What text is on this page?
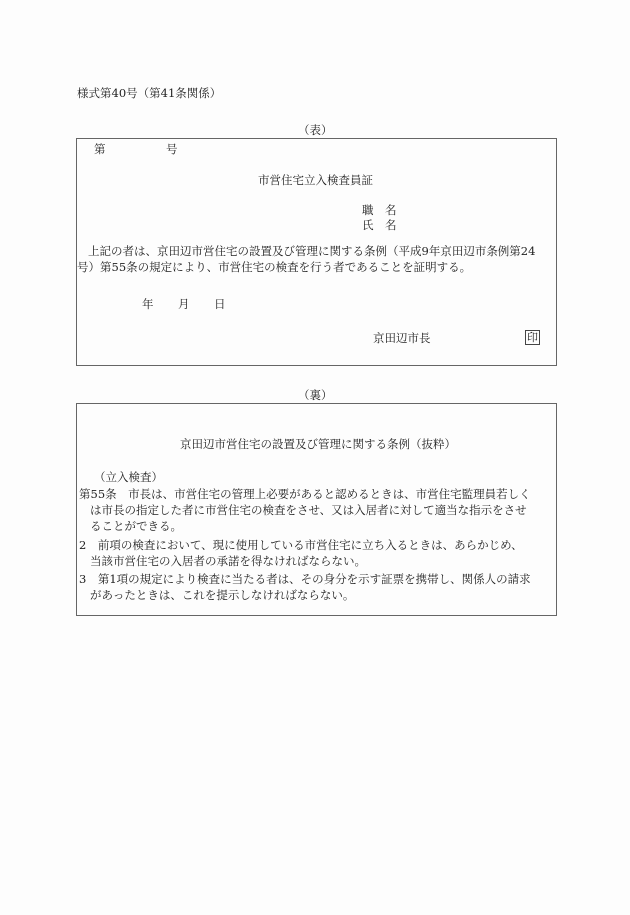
様式第40号（第41条関係）
（表）
第	号
市営住宅立入検査員証
職　名
氏　名
上記の者は、京田辺市営住宅の設置及び管理に関する条例（平成9年京田辺市条例第24
号）第55条の規定により、市営住宅の検査を行う者であることを証明する。
年 月 日
京田辺市長	印
（裏）
京田辺市営住宅の設置及び管理に関する条例（抜粋）
（立入検査）
第55条　市長は、市営住宅の管理上必要があると認めるときは、市営住宅監理員若しく
は市長の指定した者に市営住宅の検査をさせ、又は入居者に対して適当な指示をさせ
ることができる。
2　前項の検査において、現に使用している市営住宅に立ち入るときは、あらかじめ、
当該市営住宅の入居者の承諾を得なければならない。
3　第1項の規定により検査に当たる者は、その身分を示す証票を携帯し、関係人の請求
があったときは、これを提示しなければならない。
